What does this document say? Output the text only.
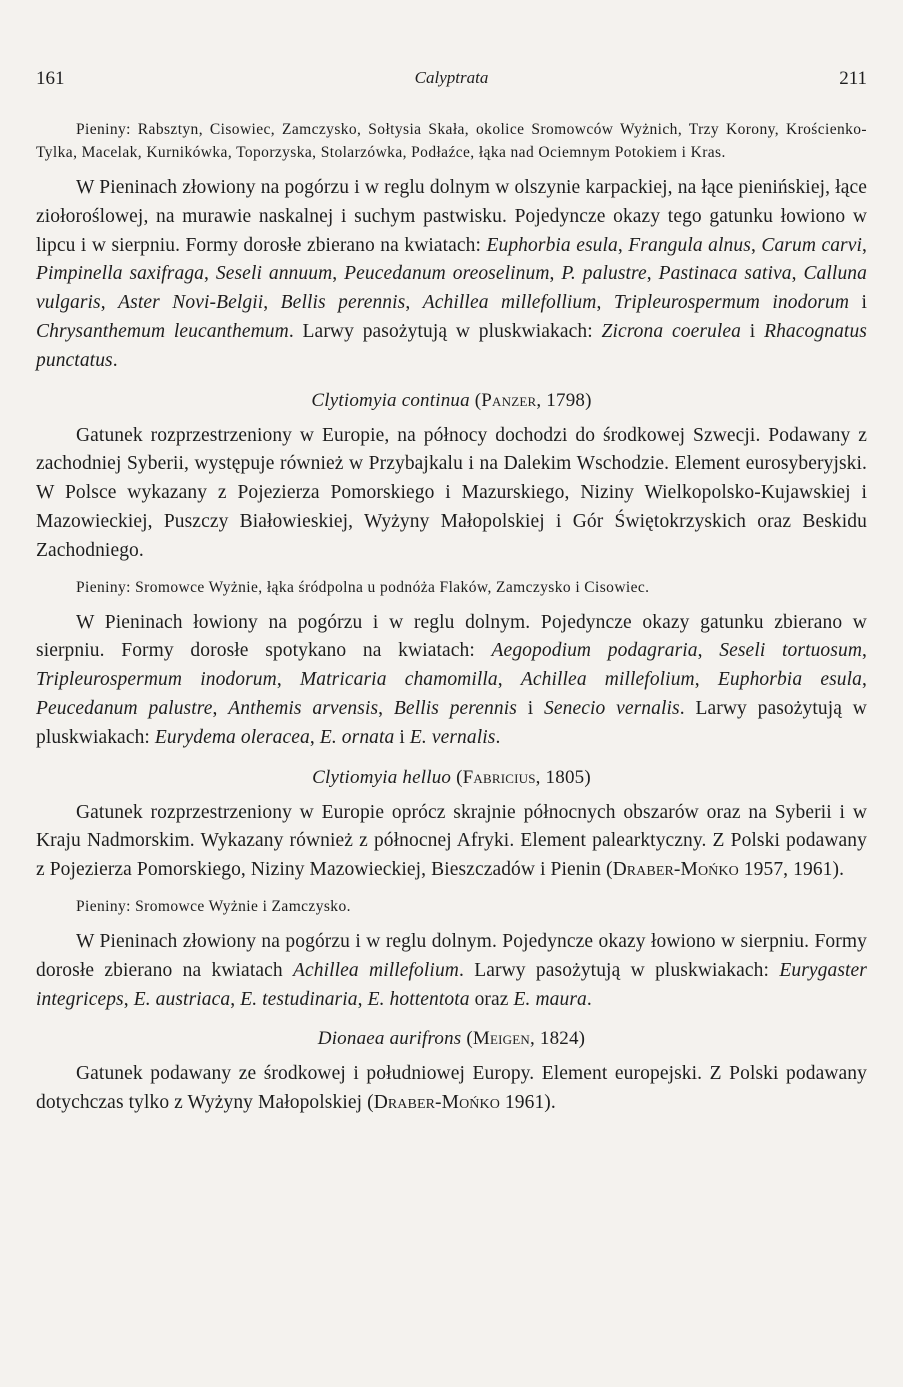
161	Calyptrata	211

Pieniny: Rabsztyn, Cisowiec, Zamczysko, Sołtysia Skała, okolice Sromowców Wyżnich, Trzy Korony, Krościenko-Tylka, Macelak, Kurnikówka, Toporzyska, Stolarzówka, Podłaźce, łąka nad Ociemnym Potokiem i Kras.

W Pieninach złowiony na pogórzu i w reglu dolnym w olszynie karpackiej, na łące pienińskiej, łące ziołoroślowej, na murawie naskalnej i suchym pastwisku. Pojedyncze okazy tego gatunku łowiono w lipcu i w sierpniu. Formy dorosłe zbierano na kwiatach: Euphorbia esula, Frangula alnus, Carum carvi, Pimpinella saxifraga, Seseli annuum, Peucedanum oreoselinum, P. palustre, Pastinaca sativa, Calluna vulgaris, Aster Novi-Belgii, Bellis perennis, Achillea millefollium, Tripleurospermum inodorum i Chrysanthemum leucanthemum. Larwy pasożytują w pluskwiakach: Zicrona coerulea i Rhacognatus punctatus.

Clytiomyia continua (Panzer, 1798)

Gatunek rozprzestrzeniony w Europie, na północy dochodzi do środkowej Szwecji. Podawany z zachodniej Syberii, występuje również w Przybajkalu i na Dalekim Wschodzie. Element eurosyberyjski. W Polsce wykazany z Pojezierza Pomorskiego i Mazurskiego, Niziny Wielkopolsko-Kujawskiej i Mazowieckiej, Puszczy Białowieskiej, Wyżyny Małopolskiej i Gór Świętokrzyskich oraz Beskidu Zachodniego.

Pieniny: Sromowce Wyżnie, łąka śródpolna u podnóża Flaków, Zamczysko i Cisowiec.

W Pieninach łowiony na pogórzu i w reglu dolnym. Pojedyncze okazy gatunku zbierano w sierpniu. Formy dorosłe spotykano na kwiatach: Aegopodium podagraria, Seseli tortuosum, Tripleurospermum inodorum, Matricaria chamomilla, Achillea millefolium, Euphorbia esula, Peucedanum palustre, Anthemis arvensis, Bellis perennis i Senecio vernalis. Larwy pasożytują w pluskwiakach: Eurydema oleracea, E. ornata i E. vernalis.

Clytiomyia helluo (Fabricius, 1805)

Gatunek rozprzestrzeniony w Europie oprócz skrajnie północnych obszarów oraz na Syberii i w Kraju Nadmorskim. Wykazany również z północnej Afryki. Element palearktyczny. Z Polski podawany z Pojezierza Pomorskiego, Niziny Mazowieckiej, Bieszczadów i Pienin (Draber-Mońko 1957, 1961).

Pieniny: Sromowce Wyżnie i Zamczysko.

W Pieninach złowiony na pogórzu i w reglu dolnym. Pojedyncze okazy łowiono w sierpniu. Formy dorosłe zbierano na kwiatach Achillea millefolium. Larwy pasożytują w pluskwiakach: Eurygaster integriceps, E. austriaca, E. testudinaria, E. hottentota oraz E. maura.

Dionaea aurifrons (Meigen, 1824)

Gatunek podawany ze środkowej i południowej Europy. Element europejski. Z Polski podawany dotychczas tylko z Wyżyny Małopolskiej (Draber-Mońko 1961).
